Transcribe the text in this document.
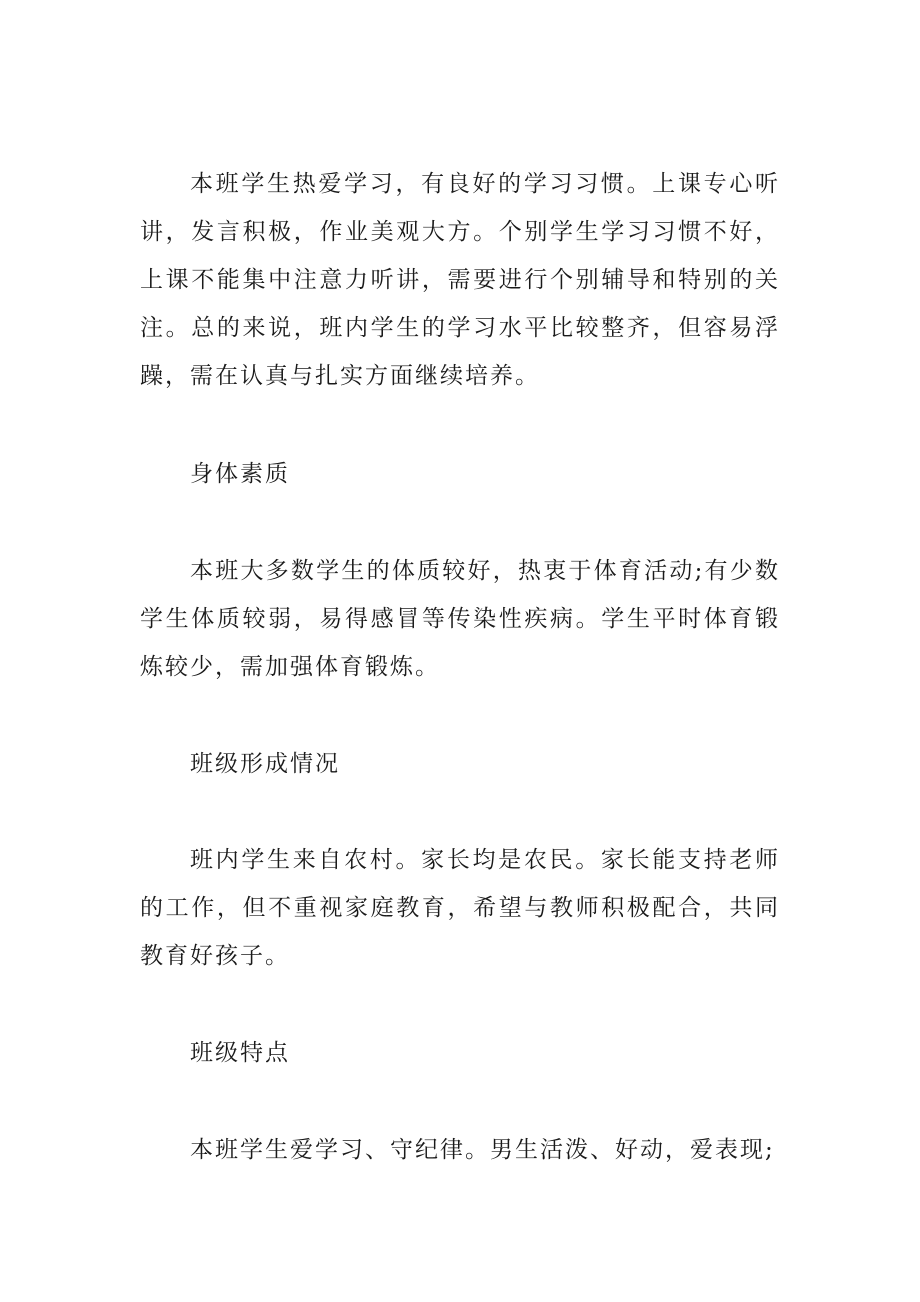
本班学生热爱学习，有良好的学习习惯。上课专心听讲，发言积极，作业美观大方。个别学生学习习惯不好，上课不能集中注意力听讲，需要进行个别辅导和特别的关注。总的来说，班内学生的学习水平比较整齐，但容易浮躁，需在认真与扎实方面继续培养。

身体素质

本班大多数学生的体质较好，热衷于体育活动;有少数学生体质较弱，易得感冒等传染性疾病。学生平时体育锻炼较少，需加强体育锻炼。

班级形成情况

班内学生来自农村。家长均是农民。家长能支持老师的工作，但不重视家庭教育，希望与教师积极配合，共同教育好孩子。

班级特点

本班学生爱学习、守纪律。男生活泼、好动，爱表现;
